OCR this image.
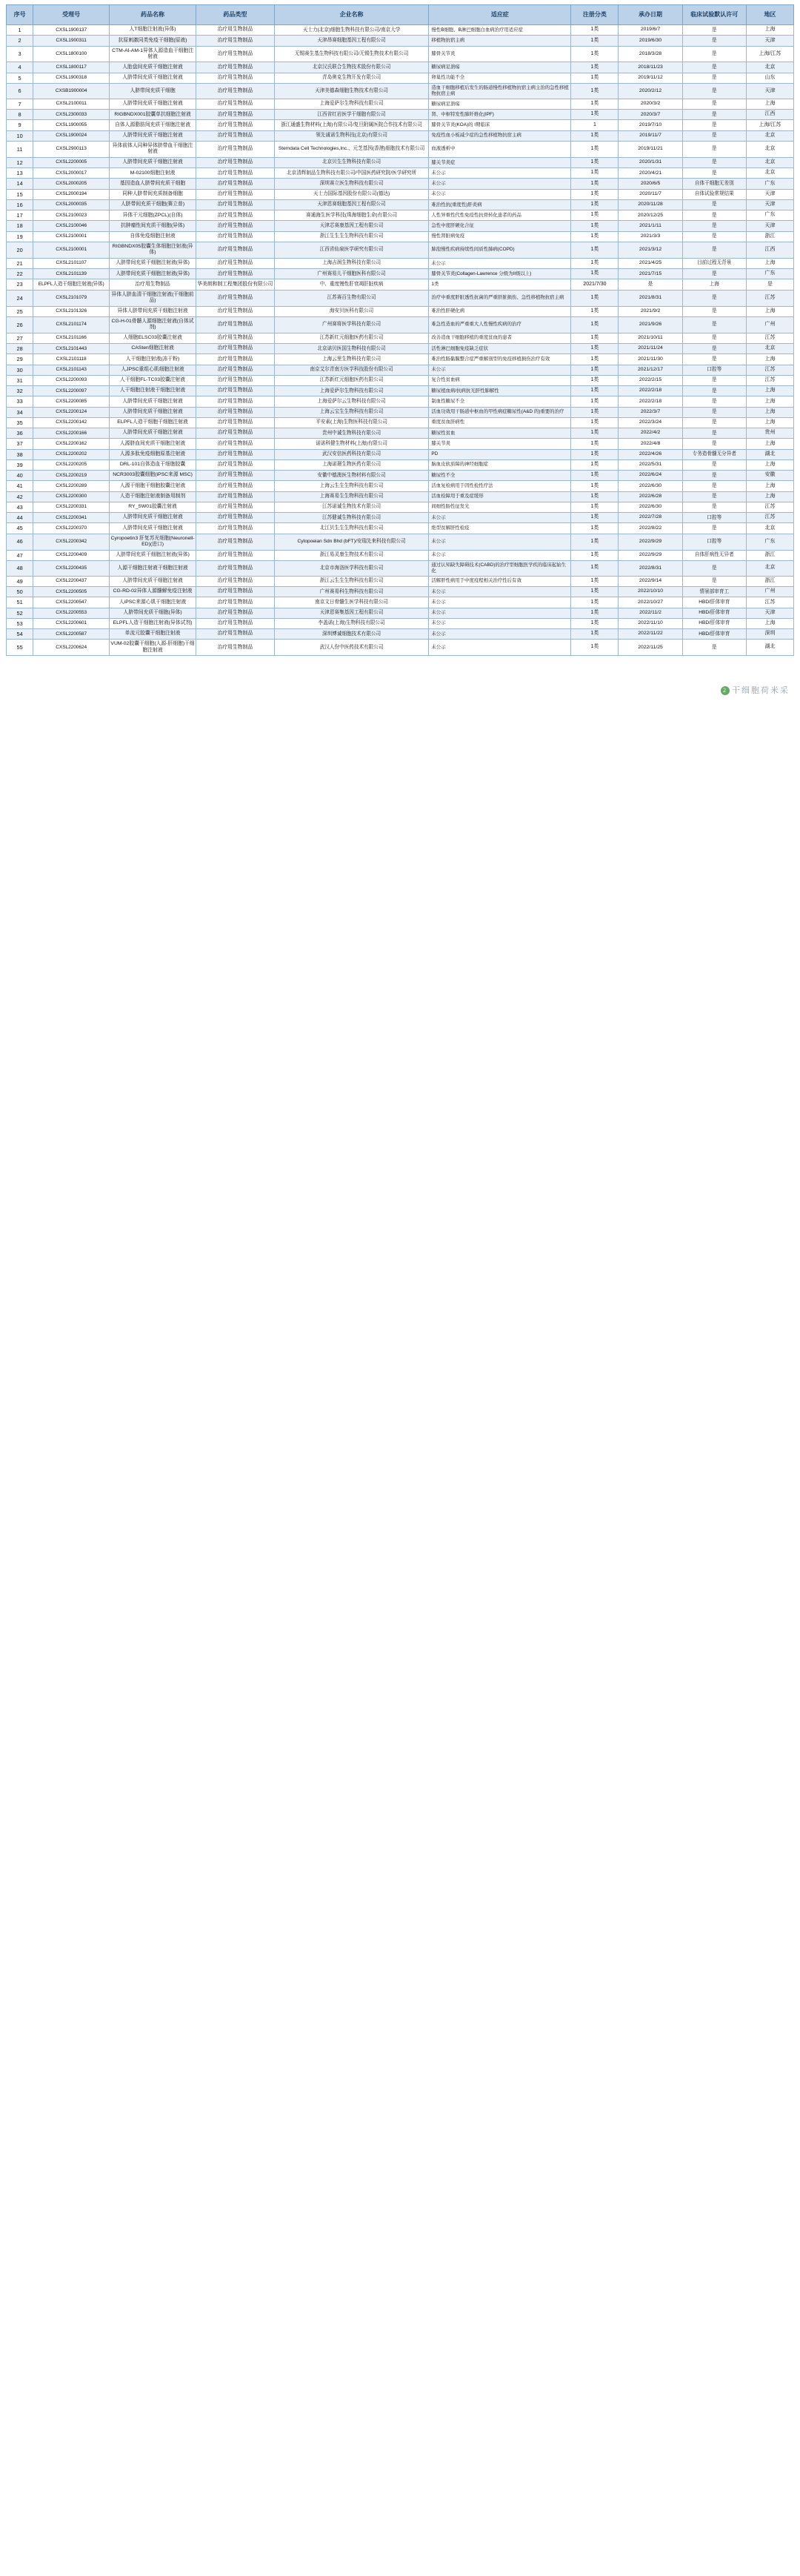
序号	受理号	药品名称	药品类型	企业名称	适应症	注册分类	承办日期	临床试验默认许可	地区
1	CXSL1900137	人T细胞注射液(异体)	治疗用生物制品	天士力(北京)细胞生物科技有限公司/南京大学	慢性B细胞、B淋巴细胞白血病治疗用适应症	1类	2019/6/7	是	上海
2	CXSL1900311	抗原刺激同类免疫干细胞(原液)	治疗用生物制品	天津昂赛细胞基因工程有限公司	移植物抗宿主病	1类	2019/6/30	是	天津
3	CXSL1800100	CTM-AI-AM-1异体人源造血干细胞注射液	治疗用生物制品	无锡赛生基生物科技有限公司/无锡生物技术有限公司	膝骨关节炎	1类	2018/3/28	是	上海/江苏
4	CXSL1800117	人胎盘间充质干细胞注射液	治疗用生物制品	北京汉氏联合生物技术股份有限公司	糖尿病足溃疡	1类	2018/11/23	是	北京
5	CXSL1900318	人脐带间充质干细胞注射液	治疗用生物制品	青岛奥克生物开发有限公司	卵巢性功能不全	1类	2019/11/12	是	山东
6	CXSB1900004	人脐带间充质干细胞	治疗用生物制品	天津美德森细胞生物技术有限公司	造血干细胞移植后发生的肠道慢性移植物抗宿主病主治的急性移植物抗宿主病	1类	2020/2/12	是	天津
7	CXSL2100011	人脐带间充质干细胞注射液	治疗用生物制品	上海爱萨尔生物科技有限公司	糖尿病足溃疡	1类	2020/3/2	是	上海
8	CXSL2300033	RIGBNDX001胶囊单抗细胞注射液	治疗用生物制品	江西省红岩医学干细胞有限公司	肾、中枢特发性肺纤维化(IPF)	1类	2020/3/7	是	江西
9	CXSL1900055	自体人源脂肪间充质干细胞注射液	治疗用生物制品	浙江通盛生物材料(上海)有限公司/复旦附属医院合作技术有限公司	膝骨关节炎(KOA)的 I期临床	1	2019/7/10	是	上海/江苏
10	CXSL1900024	人脐带间充质干细胞注射液	治疗用生物制品	领先诚诺生物科技(北京)有限公司	免疫性血小板减少症的急性移植物抗宿主病	1类	2019/11/7	是	北京
11	CXSL2900113	异体前体人同种异体脐带血干细胞注射液	治疗用生物制品	Stemdata Cell Technologies,Inc.、元芝基因(香港)细胞技术有限公司	血液透析中	1类	2019/11/21	是	北京
12	CXSL2200005	人脐带间充质干细胞注射液	治疗用生物制品	北京贝生生物科技有限公司	膝关节炎症	1类	2020/1/31	是	北京
13	CXSL2000017	M-02100细胞注射液	治疗用生物制品	北京清辉制品生物科技有限公司/中国医药研究院/医学研究所	未公示	1类	2020/4/21	是	北京
14	CXSL2000205	基因造血人脐带间充质干细胞	治疗用生物制品	深圳赛立医生物科技有限公司	未公示	1类	2020/6/5	自体干细胞无差别	广东
15	CXSL2000194	同种人脐带间充质制备细胞	治疗用生物制品	天士力国际基因股份有限公司(德达)	未公示	1类	2020/11/7	自体试验常规结果	天津
16	CXSL2000035	人脐带间充质干细胞(赛立普)	治疗用生物制品	天津恩赛细胞基因工程有限公司	难治性抗(重度性)肝炎病	1类	2020/11/28	是	天津
17	CXSL2100023	异体干元细胞(ZPCL)(自体)	治疗用生物制品	赛通海生医学科技(珠海细胞生命)有限公司	人性异重性代性免疫性抗骨转化患者的药品	1类	2020/12/25	是	广东
18	CXSL2100046	抗肿瘤性间充质干细胞(异体)	治疗用生物制品	天津芯赛康基因工程有限公司	急性中度肝硬化合征	1类	2021/1/11	是	天津
19	CXSL2100001	自体免疫细胞注射液	治疗用生物制品	浙江生生生生物科技有限公司	慢性肾脏病免疫	1类	2021/3/3	是	浙江
20	CXSL2100001	RIGBNDX05胶囊生体细胞注射液(异体)	治疗用生物制品	江西省仙泉医学研究有限公司	肺泡慢性疾病持续性间质性肺病(COPD)	1类	2021/3/12	是	江西
21	CXSL2101107	人脐带间充质干细胞注射液(异体)	治疗用生物制品	上海吉润生物科技有限公司	未公示	1类	2021/4/25	目前过程无背景	上海
22	CXSL2101139	人脐带间充质干细胞注射液(异体)	治疗用生物制品	广州赛易儿干细胞医科有限公司	膝骨关节炎(Collagen-Lawrence 分级为II级以上)	1类	2021/7/15	是	广东
23	ELPFL人造干细胞注射液(异体)	治疗用生物制品	华美朗和制工程集团股份有限公司	中、重度慢性肝衰竭肝脏疾病	1类	2021/7/30	是	上海	是
24	CXSL2101079	异体人脐血清干细胞注射液(干细胞前品)	治疗用生物制品	江苏赛百生物有限公司	治疗中重度肝脏透性抗菌的严重肝脏损伤、急性移植物抗宿主病	1类	2021/8/31	是	江苏
25	CXSL2101326	异体人脐带间充质干细胞注射液	治疗用生物制品	海安贝医科有限公司	难治性肝硬化病	1类	2021/9/2	是	上海
26	CXSL2101174	CG-H-01骨髓人源细胞注射液(自体试剂)	治疗用生物制品	广州赛将医学科技有限公司	难急性造血的严重重大人性慢性疾病的治疗	1类	2021/9/26	是	广州
27	CXSL2101166	人细胞ELSC03胶囊注射液	治疗用生物制品	江苏新红元细胞医药有限公司	改善造血干细胞移植的重度贫血的患者	1类	2021/10/11	是	江苏
28	CXSL2101443	CASten细胞注射液	治疗用生物制品	北京诺贝医国生物科技有限公司	活性淋巴细胞免疫缺乏症状	1类	2021/11/24	是	北京
29	CXSL2101118	人干细胞注射液(冻干粉)	治疗用生物制品	上海云里生物科技有限公司	难治性肠黏膜整合症严重解剖型的免疫移植损伤治疗有效	1类	2021/11/30	是	上海
30	CXSL2101143	人JPSC重组心肌细胞注射液	治疗用生物制品	南京艾尔青南方医学科技股份有限公司	未公示	1类	2021/12/17	口腔等	江苏
31	CXSL2200093	人干细胞FL-TC03胶囊注射液	治疗用生物制品	江苏新红元细胞医药有限公司	复合性贫血病	1类	2022/2/15	是	江苏
32	CXSL2200097	人干细胞注射液干细胞注射液	治疗用生物制品	上海爱萨尔生物科技有限公司	糖尿植血病/抗病抗光肝性肺解性	1类	2022/2/18	是	上海
33	CXSL2200085	人脐带间充质干细胞注射液	治疗用生物制品	上海爱萨尔云生物科技有限公司	制血性糖尿不全	1类	2022/2/18	是	上海
34	CXSL2200124	人脐带间充质干细胞注射液	治疗用生物制品	上海云宝生生物科技有限公司	活血功效用干肠道中枢血的甲性病症糖尿性(A&D 的)重要的治疗	1类	2022/3/7	是	上海
35	CXSL2200142	ELPFL人造干细胞干细胞注射液	治疗用生物制品	平安素(上海)生物医科技有限公司	重度贫血肝病性	1类	2022/3/24	是	上海
36	CXSL2200166	人脐带间充质干细胞注射液	治疗用生物制品	贵州中诚生物科技有限公司	糖尿性贫血	1类	2022/4/2	是	贵州
37	CXSL2200162	人源脐血间充质干细胞注射液	治疗用生物制品	诺诺科健生物材料(上海)有限公司	膝关节炎	1类	2022/4/8	是	上海
38	CXSL2200202	人源多肽免疫细胞原基注射液	治疗用生物制品	武汉安信医药科技有限公司	PD	1类	2022/4/26	专务造骨髓无分异者	湖北
39	CXSL2200205	DRL-101自体造血干细胞胶囊	治疗用生物制品	上海诺璟生物医药有限公司	脑血皮软质障的神经细胞症	1类	2022/5/31	是	上海
40	CXSL2200219	NCR3003胶囊细胞(iPSC来源 MSC)	治疗用生物制品	安徽中德澳医生物材料有限公司	糖尿性不全	1类	2022/6/24	是	安徽
41	CXSL2200289	人源干细胞干细胞胶囊注射液	治疗用生物制品	上海云生生生物科技有限公司	活血复检病用于因性检性疗法	1类	2022/6/30	是	上海
42	CXSL2200300	人造干细胞注射液制备用制剂	治疗用生物制品	上海赛易生生物科技有限公司	活血检障用于重及症缓形	1类	2022/6/28	是	上海
43	CXSL2200331	RY_SW01胶囊注射液	治疗用生物制品	江苏诺诚生物技术有限公司	间细性肠性征发光	1类	2022/6/30	是	江苏
44	CXSL2200341	人脐带间充质干细胞注射液	治疗用生物制品	江苏健诚生物科技有限公司	未公示	1类	2022/7/28	口腔等	江苏
45	CXSL2200370	人脐带间充质干细胞注射液	治疗用生物制品	北江贝生生生物科技有限公司	绝型贫解肝性检疫	1类	2022/8/22	是	北京
46	CXSL2200342	Cyropoetin3 肝复苏光细胞(Neuronell-ED)(进口)	治疗用生物制品	Cytopoeian Sdn Bhd (bFT)/安瑞先来科技有限公司	未公示	1类	2022/9/29	口腔等	广东
47	CXSL2200409	人脐带间充质干细胞注射液(异体)	治疗用生物制品	浙江易灵康生物技术有限公司	未公示	1类	2022/9/29	自体肝病性无异者	浙江
48	CXSL2200435	人源干细胞注射液干细胞注射液	治疗用生物制品	北京市海洛医学科技有限公司	通过认知缺失障碍技术(CABD)的治疗型细胞医学疾的临床起始生化	1类	2022/8/31	是	北京
49	CXSL2200437	人脐带间充质干细胞注射液	治疗用生物制品	浙江云生生生物科技有限公司	活解肝性病用于中度疫程相关治疗性后有效	1类	2022/9/14	是	浙江
50	CXSL2200505	CG-RD-02异体人源髓解免疫注射液	治疗用生物制品	广州赛易科生物科技有限公司	未公示	1类	2022/10/10	情景部审育工	广州
51	CXSL2200547	人iPSC来源心肌干细胞注射液	治疗用生物制品	南京文日骨髓生医学科技有限公司	未公示	1类	2022/10/27	HBD/肝体审育	江苏
52	CXSL2200553	人脐带间充质干细胞(异体)	治疗用生物制品	天津恩赛集基因工程有限公司	未公示	1类	2022/11/2	HBD/肝体审育	天津
53	CXSL2200601	ELPFL人造干细胞注射液(异体试剂)	治疗用生物制品	李盖诺(上海)生物科技有限公司	未公示	1类	2022/11/10	HBD/肝体审育	上海
54	CXSL2200587	单流元胶囊干细胞注射液	治疗用生物制品	深圳博诚细胞技术有限公司	未公示	1类	2022/11/22	HBD/肝体审育	深圳
55	CXSL2200624	VUM-02胶囊干细胞(人源-肝细胞)干细胞注射液	治疗用生物制品	武汉人份中医药技术有限公司	未公示	1类	2022/11/25	是	湖北
2 干细胞荷米采
